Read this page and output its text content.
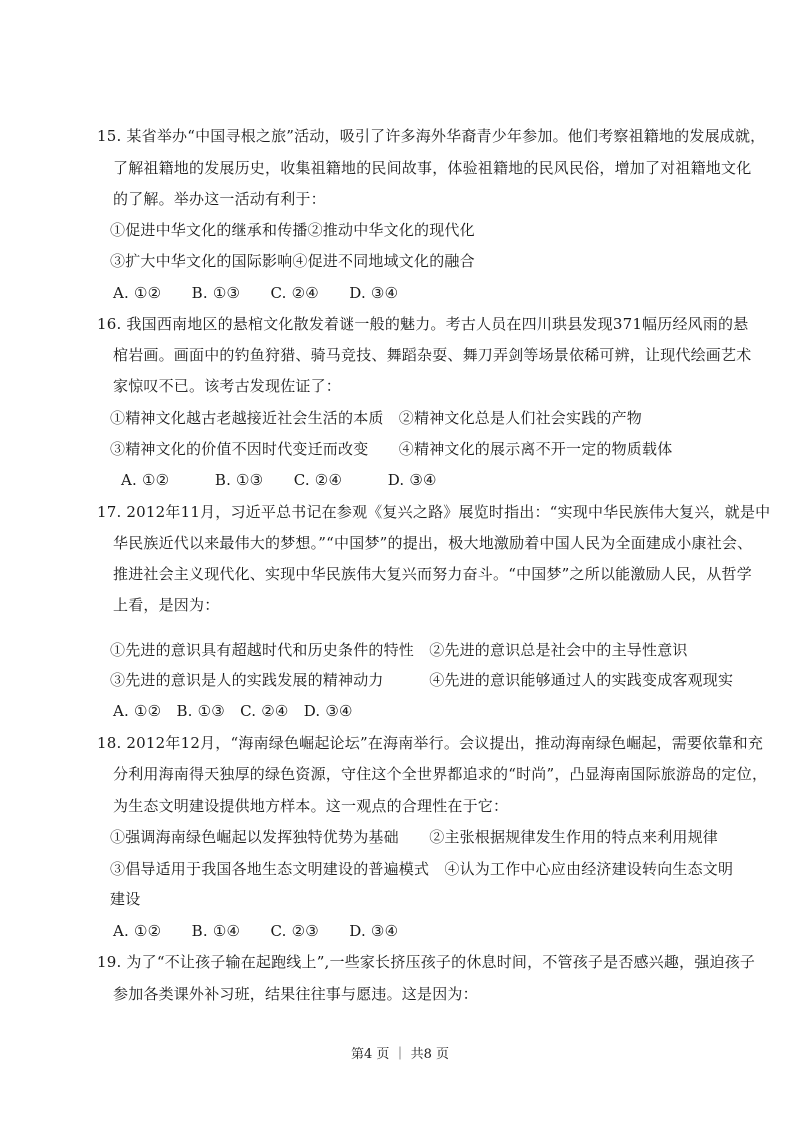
15. 某省举办“中国寻根之旅”活动，吸引了许多海外华裔青少年参加。他们考察祖籍地的发展成就，
了解祖籍地的发展历史，收集祖籍地的民间故事，体验祖籍地的民风民俗，增加了对祖籍地文化
的了解。举办这一活动有利于：
①促进中华文化的继承和传播②推动中华文化的现代化
③扩大中华文化的国际影响④促进不同地域文化的融合
A. ①②　　B. ①③　　C. ②④　　D. ③④
16. 我国西南地区的悬棺文化散发着谜一般的魅力。考古人员在四川珙县发现371幅历经风雨的悬
棺岩画。画面中的钓鱼狩猎、骑马竞技、舞蹈杂耍、舞刀弄剑等场景依稀可辨，让现代绘画艺术
家惊叹不已。该考古发现佐证了：
①精神文化越古老越接近社会生活的本质　②精神文化总是人们社会实践的产物
③精神文化的价值不因时代变迁而改变　　④精神文化的展示离不开一定的物质载体
A. ①②　　　B. ①③　　C. ②④　　　D. ③④
17. 2012年11月，习近平总书记在参观《复兴之路》展览时指出：“实现中华民族伟大复兴，就是中
华民族近代以来最伟大的梦想。”“中国梦”的提出，极大地激励着中国人民为全面建成小康社会、
推进社会主义现代化、实现中华民族伟大复兴而努力奋斗。“中国梦”之所以能激励人民，从哲学
上看，是因为：
①先进的意识具有超越时代和历史条件的特性　②先进的意识总是社会中的主导性意识
③先进的意识是人的实践发展的精神动力　　　④先进的意识能够通过人的实践变成客观现实
A. ①②　B. ①③　C. ②④　D. ③④
18. 2012年12月，“海南绿色崛起论坛”在海南举行。会议提出，推动海南绿色崛起，需要依靠和充
分利用海南得天独厚的绿色资源，守住这个全世界都追求的“时尚”，凸显海南国际旅游岛的定位，
为生态文明建设提供地方样本。这一观点的合理性在于它：
①强调海南绿色崛起以发挥独特优势为基础　　②主张根据规律发生作用的特点来利用规律
③倡导适用于我国各地生态文明建设的普遍模式　④认为工作中心应由经济建设转向生态文明
建设
A. ①②　　B. ①④　　C. ②③　　D. ③④
19. 为了“不让孩子输在起跑线上”,一些家长挤压孩子的休息时间，不管孩子是否感兴趣，强迫孩子
参加各类课外补习班，结果往往事与愿违。这是因为：
第4 页 ｜ 共8 页
